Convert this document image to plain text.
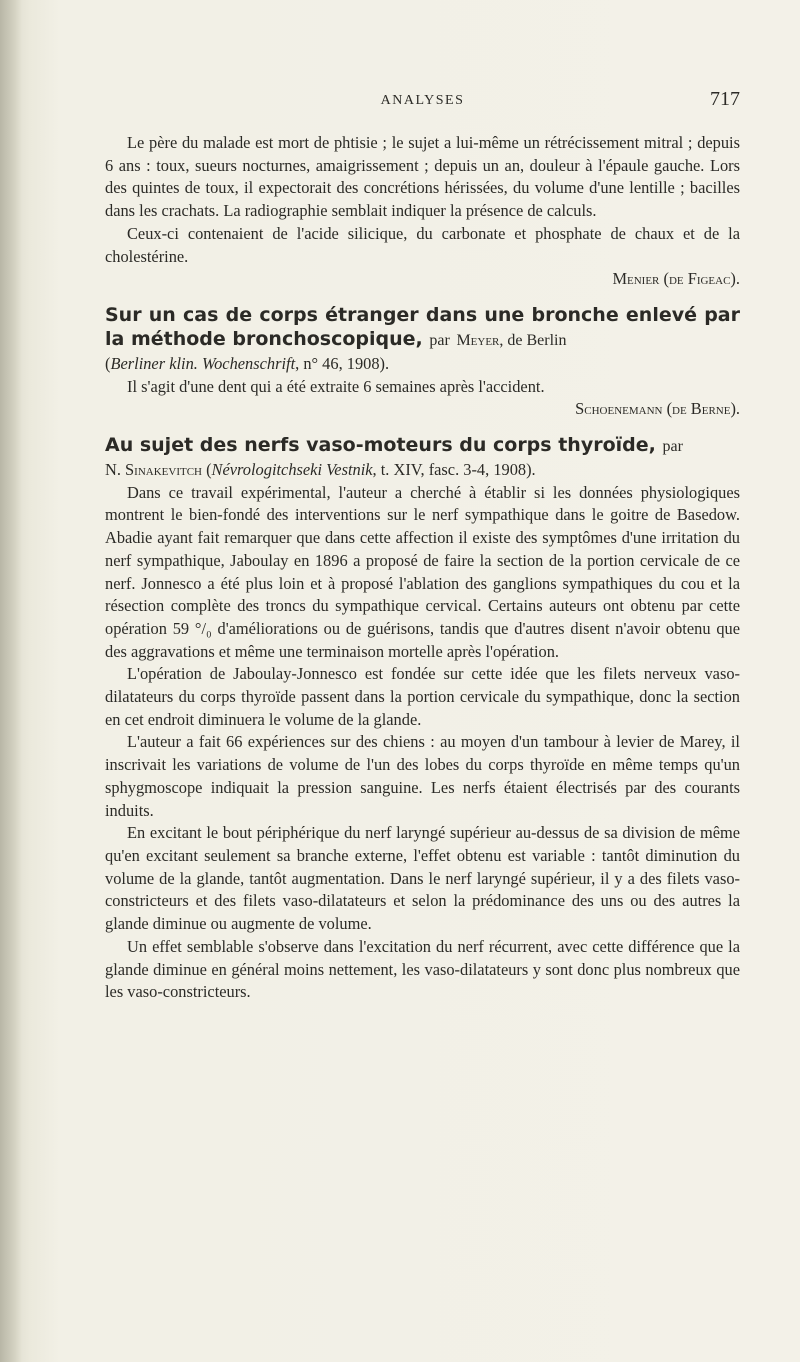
ANALYSES	717

Le père du malade est mort de phtisie ; le sujet a lui-même un rétrécissement mitral ; depuis 6 ans : toux, sueurs nocturnes, amaigrissement ; depuis un an, douleur à l'épaule gauche. Lors des quintes de toux, il expectorait des concrétions hérissées, du volume d'une lentille ; bacilles dans les crachats. La radiographie semblait indiquer la présence de calculs.

Ceux-ci contenaient de l'acide silicique, du carbonate et phosphate de chaux et de la cholestérine.

Menier (de Figeac).

Sur un cas de corps étranger dans une bronche enlevé par la méthode bronchoscopique, par Meyer, de Berlin
(Berliner klin. Wochenschrift, n° 46, 1908).

Il s'agit d'une dent qui a été extraite 6 semaines après l'accident.

Schoenemann (de Berne).

Au sujet des nerfs vaso-moteurs du corps thyroïde, par
N. Sinakevitch (Névrologitchseki Vestnik, t. XIV, fasc. 3-4, 1908).

Dans ce travail expérimental, l'auteur a cherché à établir si les données physiologiques montrent le bien-fondé des interventions sur le nerf sympathique dans le goitre de Basedow. Abadie ayant fait remarquer que dans cette affection il existe des symptômes d'une irritation du nerf sympathique, Jaboulay en 1896 a proposé de faire la section de la portion cervicale de ce nerf. Jonnesco a été plus loin et à proposé l'ablation des ganglions sympathiques du cou et la résection complète des troncs du sympathique cervical. Certains auteurs ont obtenu par cette opération 59 °/₀ d'améliorations ou de guérisons, tandis que d'autres disent n'avoir obtenu que des aggravations et même une terminaison mortelle après l'opération.

L'opération de Jaboulay-Jonnesco est fondée sur cette idée que les filets nerveux vaso-dilatateurs du corps thyroïde passent dans la portion cervicale du sympathique, donc la section en cet endroit diminuera le volume de la glande.

L'auteur a fait 66 expériences sur des chiens : au moyen d'un tambour à levier de Marey, il inscrivait les variations de volume de l'un des lobes du corps thyroïde en même temps qu'un sphygmoscope indiquait la pression sanguine. Les nerfs étaient électrisés par des courants induits.

En excitant le bout périphérique du nerf laryngé supérieur au-dessus de sa division de même qu'en excitant seulement sa branche externe, l'effet obtenu est variable : tantôt diminution du volume de la glande, tantôt augmentation. Dans le nerf laryngé supérieur, il y a des filets vaso-constricteurs et des filets vaso-dilatateurs et selon la prédominance des uns ou des autres la glande diminue ou augmente de volume.

Un effet semblable s'observe dans l'excitation du nerf récurrent, avec cette différence que la glande diminue en général moins nettement, les vaso-dilatateurs y sont donc plus nombreux que les vaso-constricteurs.
